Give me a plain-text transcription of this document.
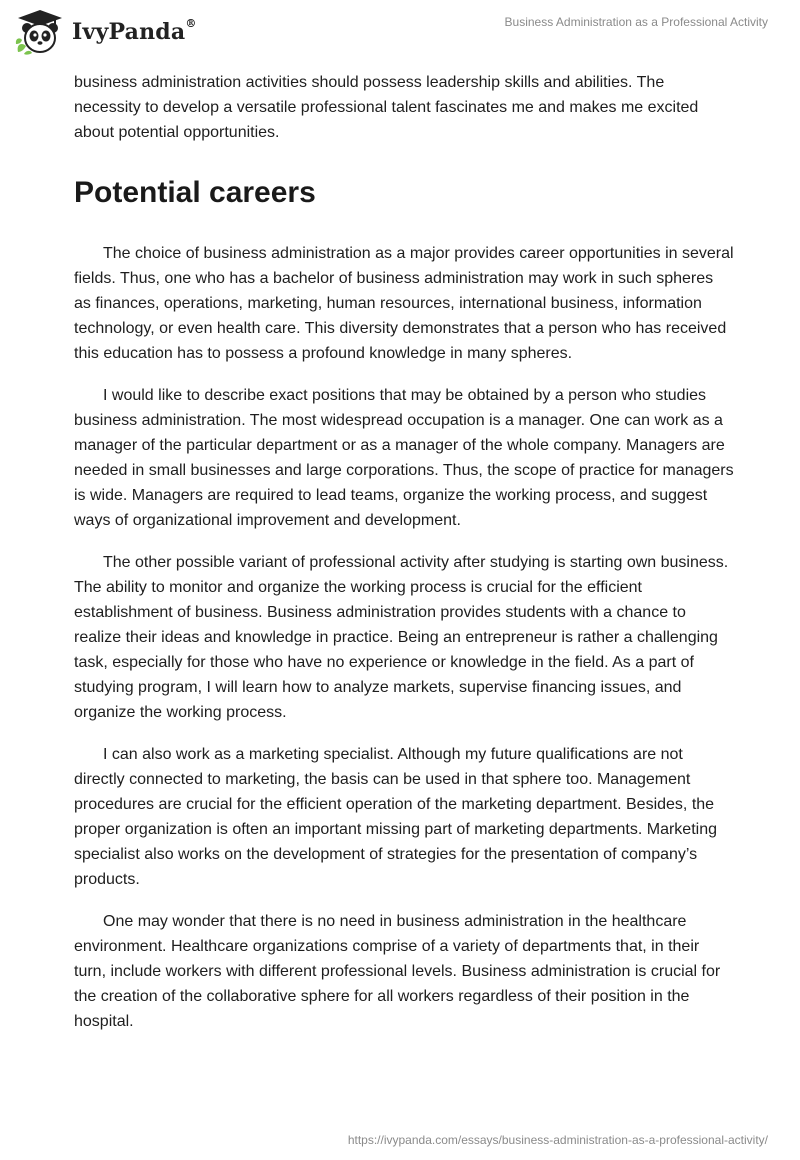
IvyPanda®	Business Administration as a Professional Activity

business administration activities should possess leadership skills and abilities. The necessity to develop a versatile professional talent fascinates me and makes me excited about potential opportunities.

Potential careers

The choice of business administration as a major provides career opportunities in several fields. Thus, one who has a bachelor of business administration may work in such spheres as finances, operations, marketing, human resources, international business, information technology, or even health care. This diversity demonstrates that a person who has received this education has to possess a profound knowledge in many spheres.

I would like to describe exact positions that may be obtained by a person who studies business administration. The most widespread occupation is a manager. One can work as a manager of the particular department or as a manager of the whole company. Managers are needed in small businesses and large corporations. Thus, the scope of practice for managers is wide. Managers are required to lead teams, organize the working process, and suggest ways of organizational improvement and development.

The other possible variant of professional activity after studying is starting own business. The ability to monitor and organize the working process is crucial for the efficient establishment of business. Business administration provides students with a chance to realize their ideas and knowledge in practice. Being an entrepreneur is rather a challenging task, especially for those who have no experience or knowledge in the field. As a part of studying program, I will learn how to analyze markets, supervise financing issues, and organize the working process.

I can also work as a marketing specialist. Although my future qualifications are not directly connected to marketing, the basis can be used in that sphere too. Management procedures are crucial for the efficient operation of the marketing department. Besides, the proper organization is often an important missing part of marketing departments. Marketing specialist also works on the development of strategies for the presentation of company’s products.

One may wonder that there is no need in business administration in the healthcare environment. Healthcare organizations comprise of a variety of departments that, in their turn, include workers with different professional levels. Business administration is crucial for the creation of the collaborative sphere for all workers regardless of their position in the hospital.

https://ivypanda.com/essays/business-administration-as-a-professional-activity/
